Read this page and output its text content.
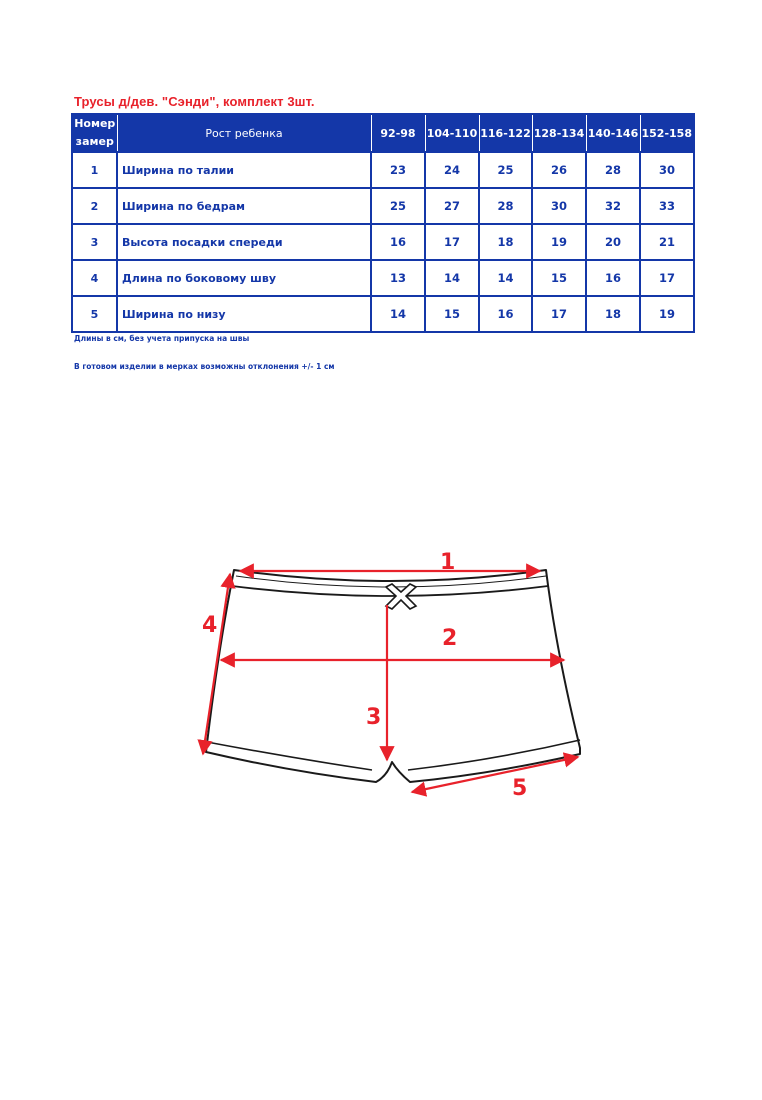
Трусы д/дев. "Сэнди", комплект 3шт.
Номер
замер	Рост ребенка	92-98	104-110	116-122	128-134	140-146	152-158
1	Ширина по талии	23	24	25	26	28	30
2	Ширина по бедрам	25	27	28	30	32	33
3	Высота посадки спереди	16	17	18	19	20	21
4	Длина по боковому шву	13	14	14	15	16	17
5	Ширина по низу	14	15	16	17	18	19
Длины в см, без учета припуска на швы
В готовом изделии в мерках возможны отклонения +/- 1 см
1
2
3
4
5
